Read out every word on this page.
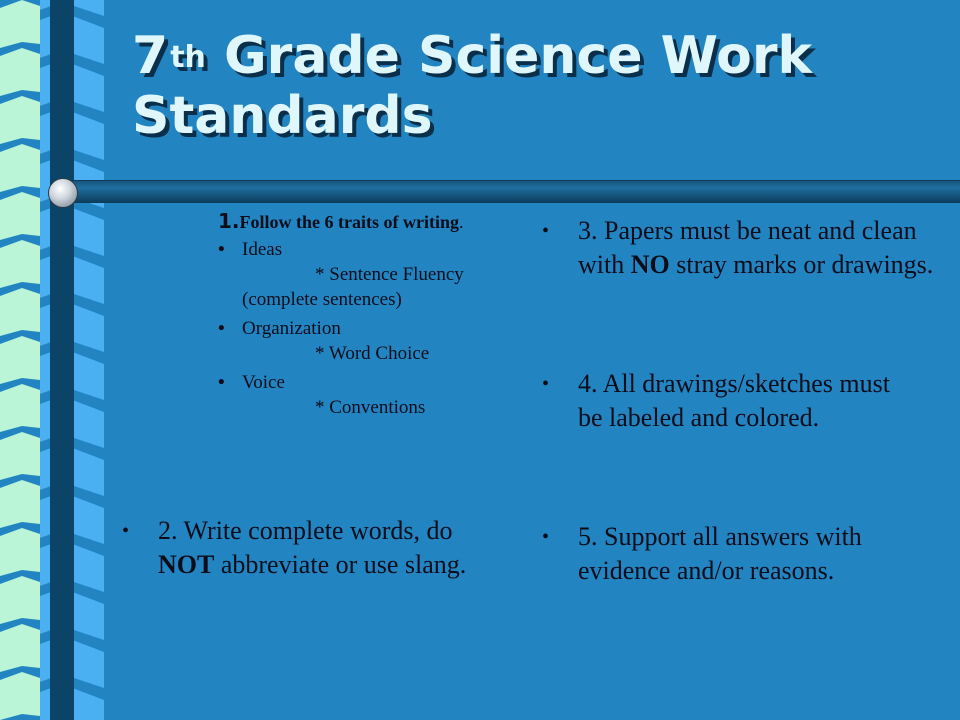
7th Grade Science Work
Standards
1.Follow the 6 traits of writing.
• Ideas
* Sentence Fluency
(complete sentences)
• Organization
* Word Choice
• Voice
* Conventions
• 2. Write complete words, do NOT abbreviate or use slang.
• 3. Papers must be neat and clean with NO stray marks or drawings.
• 4. All drawings/sketches must be labeled and colored.
• 5. Support all answers with evidence and/or reasons.
